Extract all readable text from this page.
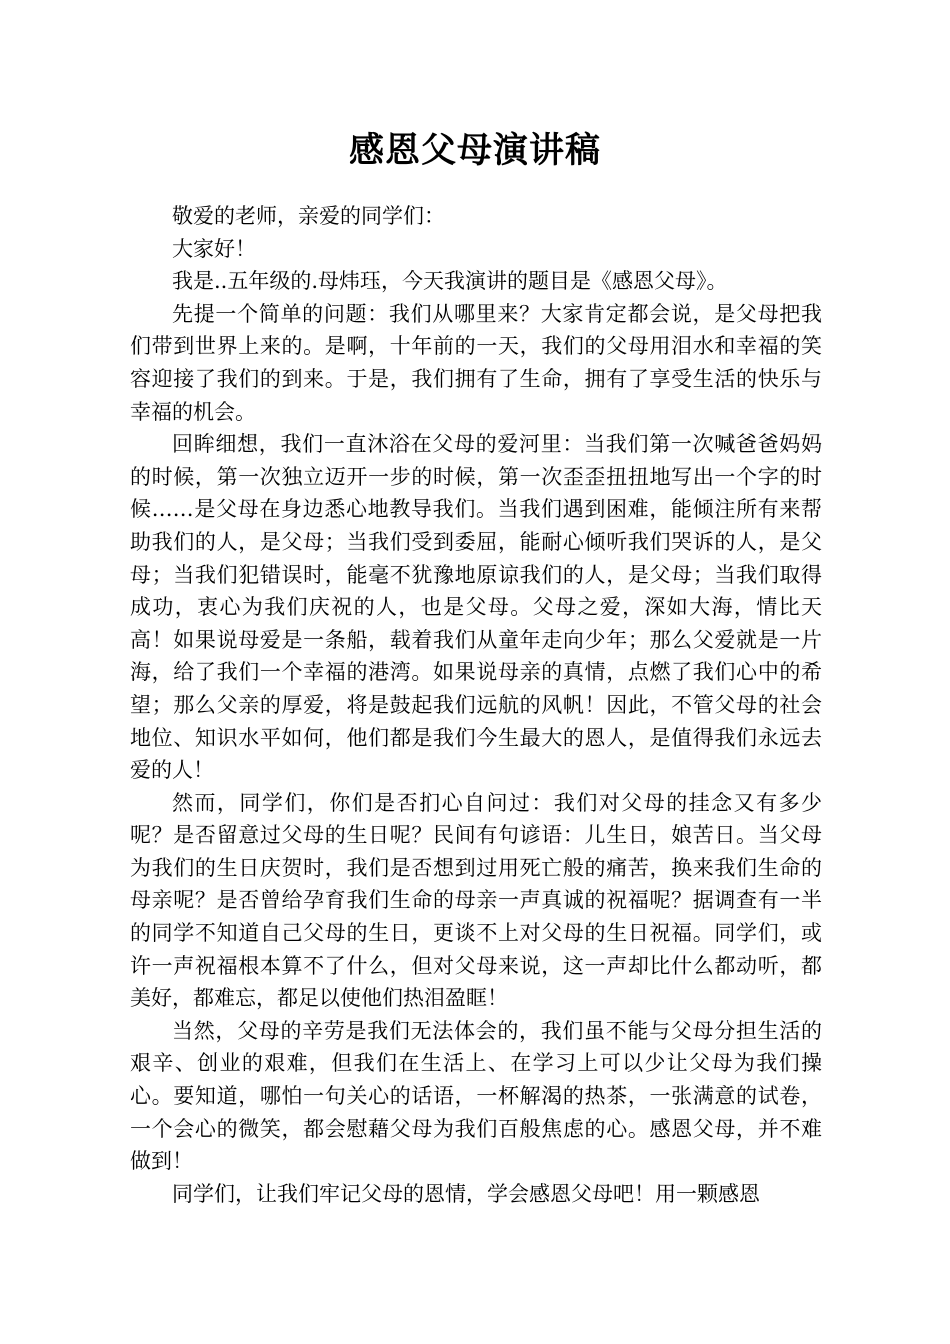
感恩父母演讲稿

敬爱的老师，亲爱的同学们：

大家好！

我是..五年级的.母炜珏，今天我演讲的题目是《感恩父母》。

先提一个简单的问题：我们从哪里来？大家肯定都会说，是父母把我们带到世界上来的。是啊，十年前的一天，我们的父母用泪水和幸福的笑容迎接了我们的到来。于是，我们拥有了生命，拥有了享受生活的快乐与幸福的机会。

回眸细想，我们一直沐浴在父母的爱河里：当我们第一次喊爸爸妈妈的时候，第一次独立迈开一步的时候，第一次歪歪扭扭地写出一个字的时候……是父母在身边悉心地教导我们。当我们遇到困难，能倾注所有来帮助我们的人，是父母；当我们受到委屈，能耐心倾听我们哭诉的人，是父母；当我们犯错误时，能毫不犹豫地原谅我们的人，是父母；当我们取得成功，衷心为我们庆祝的人，也是父母。父母之爱，深如大海，情比天高！如果说母爱是一条船，载着我们从童年走向少年；那么父爱就是一片海，给了我们一个幸福的港湾。如果说母亲的真情，点燃了我们心中的希望；那么父亲的厚爱，将是鼓起我们远航的风帆！因此，不管父母的社会地位、知识水平如何，他们都是我们今生最大的恩人，是值得我们永远去爱的人！

然而，同学们，你们是否扪心自问过：我们对父母的挂念又有多少呢？是否留意过父母的生日呢？民间有句谚语：儿生日，娘苦日。当父母为我们的生日庆贺时，我们是否想到过用死亡般的痛苦，换来我们生命的母亲呢？是否曾给孕育我们生命的母亲一声真诚的祝福呢？据调查有一半的同学不知道自己父母的生日，更谈不上对父母的生日祝福。同学们，或许一声祝福根本算不了什么，但对父母来说，这一声却比什么都动听，都美好，都难忘，都足以使他们热泪盈眶！

当然，父母的辛劳是我们无法体会的，我们虽不能与父母分担生活的艰辛、创业的艰难，但我们在生活上、在学习上可以少让父母为我们操心。要知道，哪怕一句关心的话语，一杯解渴的热茶，一张满意的试卷，一个会心的微笑，都会慰藉父母为我们百般焦虑的心。感恩父母，并不难做到！

同学们，让我们牢记父母的恩情，学会感恩父母吧！用一颗感恩
